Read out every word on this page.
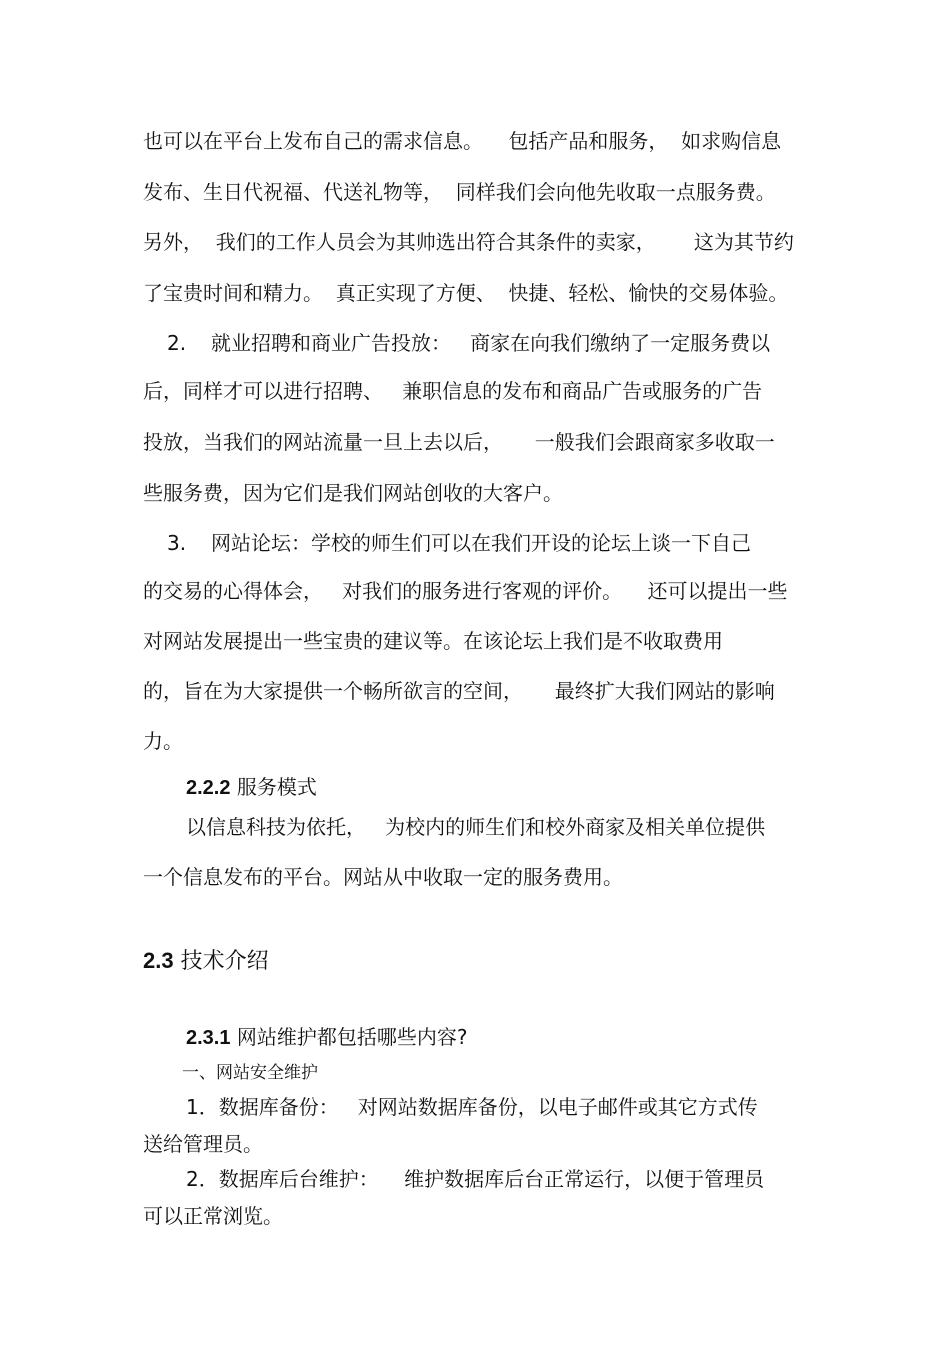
也可以在平台上发布自己的需求信息。    包括产品和服务，  如求购信息
发布、生日代祝福、代送礼物等，  同样我们会向他先收取一点服务费。
另外，  我们的工作人员会为其帅选出符合其条件的卖家，      这为其节约
了宝贵时间和精力。  真正实现了方便、  快捷、轻松、愉快的交易体验。
2. 就业招聘和商业广告投放：   商家在向我们缴纳了一定服务费以
后，同样才可以进行招聘、   兼职信息的发布和商品广告或服务的广告
投放，当我们的网站流量一旦上去以后，     一般我们会跟商家多收取一
些服务费，因为它们是我们网站创收的大客户。
3. 网站论坛：学校的师生们可以在我们开设的论坛上谈一下自己
的交易的心得体会，   对我们的服务进行客观的评价。    还可以提出一些
对网站发展提出一些宝贵的建议等。在该论坛上我们是不收取费用
的，旨在为大家提供一个畅所欲言的空间，     最终扩大我们网站的影响
力。
2.2.2 服务模式
以信息科技为依托，   为校内的师生们和校外商家及相关单位提供
一个信息发布的平台。网站从中收取一定的服务费用。
2.3 技术介绍
2.3.1 网站维护都包括哪些内容?
一、网站安全维护
1．数据库备份：   对网站数据库备份，以电子邮件或其它方式传
送给管理员。
2．数据库后台维护：    维护数据库后台正常运行，以便于管理员
可以正常浏览。
